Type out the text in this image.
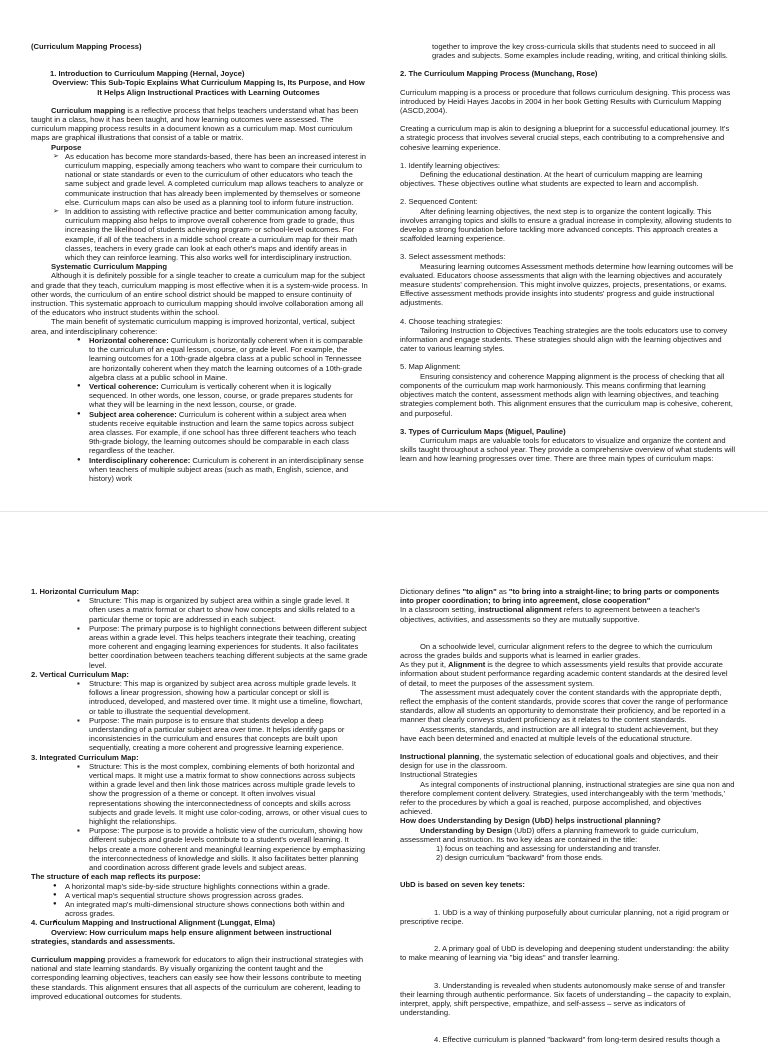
(Curriculum Mapping Process)

1. Introduction to Curriculum Mapping (Hernal, Joyce)

Overview: This Sub-Topic Explains What Curriculum Mapping Is, Its Purpose, and How It Helps Align Instructional Practices with Learning Outcomes

Curriculum mapping is a reflective process that helps teachers understand what has been taught in a class, how it has been taught, and how learning outcomes were assessed. The curriculum mapping process results in a document known as a curriculum map. Most curriculum maps are graphical illustrations that consist of a table or matrix.

Purpose

➢ As education has become more standards-based, there has been an increased interest in curriculum mapping, especially among teachers who want to compare their curriculum to national or state standards or even to the curriculum of other educators who teach the same subject and grade level. A completed curriculum map allows teachers to analyze or communicate instruction that has already been implemented by themselves or someone else. Curriculum maps can also be used as a planning tool to inform future instruction.
➢ In addition to assisting with reflective practice and better communication among faculty, curriculum mapping also helps to improve overall coherence from grade to grade, thus increasing the likelihood of students achieving program- or school-level outcomes. For example, if all of the teachers in a middle school create a curriculum map for their math classes, teachers in every grade can look at each other's maps and identify areas in which they can reinforce learning. This also works well for interdisciplinary instruction.

Systematic Curriculum Mapping

Although it is definitely possible for a single teacher to create a curriculum map for the subject and grade that they teach, curriculum mapping is most effective when it is a system-wide process. In other words, the curriculum of an entire school district should be mapped to ensure continuity of instruction. This systematic approach to curriculum mapping should involve collaboration among all of the educators who instruct students within the school.

The main benefit of systematic curriculum mapping is improved horizontal, vertical, subject area, and interdisciplinary coherence:

● Horizontal coherence: Curriculum is horizontally coherent when it is comparable to the curriculum of an equal lesson, course, or grade level. For example, the learning outcomes for a 10th-grade algebra class at a public school in Tennessee are horizontally coherent when they match the learning outcomes of a 10th-grade algebra class at a public school in Maine.
● Vertical coherence: Curriculum is vertically coherent when it is logically sequenced. In other words, one lesson, course, or grade prepares students for what they will be learning in the next lesson, course, or grade.
● Subject area coherence: Curriculum is coherent within a subject area when students receive equitable instruction and learn the same topics across subject area classes. For example, if one school has three different teachers who teach 9th-grade biology, the learning outcomes should be comparable in each class regardless of the teacher.
● Interdisciplinary coherence: Curriculum is coherent in an interdisciplinary sense when teachers of multiple subject areas (such as math, English, science, and history) work

together to improve the key cross-curricula skills that students need to succeed in all grades and subjects. Some examples include reading, writing, and critical thinking skills.

2. The Curriculum Mapping Process (Munchang, Rose)

Curriculum mapping is a process or procedure that follows curriculum designing. This process was introduced by Heidi Hayes Jacobs in 2004 in her book Getting Results with Curriculum Mapping (ASCD,2004).

Creating a curriculum map is akin to designing a blueprint for a successful educational journey. It's a strategic process that involves several crucial steps, each contributing to a comprehensive and cohesive learning experience.

1. Identify learning objectives:

Defining the educational destination. At the heart of curriculum mapping are learning objectives. These objectives outline what students are expected to learn and accomplish.

2. Sequenced Content:

After defining learning objectives, the next step is to organize the content logically. This involves arranging topics and skills to ensure a gradual increase in complexity, allowing students to develop a strong foundation before tackling more advanced concepts. This approach creates a scaffolded learning experience.

3. Select assessment methods:

Measuring learning outcomes Assessment methods determine how learning outcomes will be evaluated. Educators choose assessments that align with the learning objectives and accurately measure students' comprehension. This might involve quizzes, projects, presentations, or exams. Effective assessment methods provide insights into students' progress and guide instructional adjustments.

4. Choose teaching strategies:

Tailoring Instruction to Objectives Teaching strategies are the tools educators use to convey information and engage students. These strategies should align with the learning objectives and cater to various learning styles.

5. Map Alignment:

Ensuring consistency and coherence Mapping alignment is the process of checking that all components of the curriculum map work harmoniously. This means confirming that learning objectives match the content, assessment methods align with learning objectives, and teaching strategies complement both. This alignment ensures that the curriculum map is cohesive, coherent, and purposeful.

3. Types of Curriculum Maps (Miguel, Pauline)

Curriculum maps are valuable tools for educators to visualize and organize the content and skills taught throughout a school year. They provide a comprehensive overview of what students will learn and how learning progresses over time. There are three main types of curriculum maps:

1. Horizontal Curriculum Map:

▪ Structure: This map is organized by subject area within a single grade level. It often uses a matrix format or chart to show how concepts and skills related to a particular theme or topic are addressed in each subject.
▪ Purpose: The primary purpose is to highlight connections between different subject areas within a grade level. This helps teachers integrate their teaching, creating more coherent and engaging learning experiences for students. It also facilitates better coordination between teachers teaching different subjects at the same grade level.

2. Vertical Curriculum Map:

▪ Structure: This map is organized by subject area across multiple grade levels. It follows a linear progression, showing how a particular concept or skill is introduced, developed, and mastered over time. It might use a timeline, flowchart, or table to illustrate the sequential development.
▪ Purpose: The main purpose is to ensure that students develop a deep understanding of a particular subject area over time. It helps identify gaps or inconsistencies in the curriculum and ensures that concepts are built upon sequentially, creating a more coherent and progressive learning experience.

3. Integrated Curriculum Map:

▪ Structure: This is the most complex, combining elements of both horizontal and vertical maps. It might use a matrix format to show connections across subjects within a grade level and then link those matrices across multiple grade levels to show the progression of a theme or concept. It often involves visual representations showing the interconnectedness of concepts and skills across subjects and grade levels. It might use color-coding, arrows, or other visual cues to highlight the relationships.
▪ Purpose: The purpose is to provide a holistic view of the curriculum, showing how different subjects and grade levels contribute to a student's overall learning. It helps create a more coherent and meaningful learning experience by emphasizing the interconnectedness of knowledge and skills. It also facilitates better planning and coordination across different grade levels and subject areas.

The structure of each map reflects its purpose:

● A horizontal map's side-by-side structure highlights connections within a grade.
● A vertical map's sequential structure shows progression across grades.
● An integrated map's multi-dimensional structure shows connections both within and across grades.

4. Curriculum Mapping and Instructional Alignment (Lunggat, Elma)

Overview: How curriculum maps help ensure alignment between instructional strategies, standards and assessments.

Curriculum mapping provides a framework for educators to align their instructional strategies with national and state learning standards. By visually organizing the content taught and the corresponding learning objectives, teachers can easily see how their lessons contribute to meeting these standards. This alignment ensures that all aspects of the curriculum are coherent, leading to improved educational outcomes for students.

Dictionary defines "to align" as "to bring into a straight-line; to bring parts or components into proper coordination; to bring into agreement, close cooperation"

In a classroom setting, instructional alignment refers to agreement between a teacher's objectives, activities, and assessments so they are mutually supportive.

On a schoolwide level, curricular alignment refers to the degree to which the curriculum across the grades builds and supports what is learned in earlier grades.

As they put it, Alignment is the degree to which assessments yield results that provide accurate information about student performance regarding academic content standards at the desired level of detail, to meet the purposes of the assessment system.

The assessment must adequately cover the content standards with the appropriate depth, reflect the emphasis of the content standards, provide scores that cover the range of performance standards, allow all students an opportunity to demonstrate their proficiency, and be reported in a manner that clearly conveys student proficiency as it relates to the content standards.

Assessments, standards, and instruction are all integral to student achievement, but they have each been determined and enacted at multiple levels of the educational structure.

Instructional planning, the systematic selection of educational goals and objectives, and their design for use in the classroom.

Instructional Strategies

As integral components of instructional planning, instructional strategies are sine qua non and therefore complement content delivery. Strategies, used interchangeably with the term 'methods,' refer to the procedures by which a goal is reached, purpose accomplished, and objectives achieved.

How does Understanding by Design (UbD) helps instructional planning?

Understanding by Design (UbD) offers a planning framework to guide curriculum, assessment and instruction. Its two key ideas are contained in the title:

1) focus on teaching and assessing for understanding and transfer.

2) design curriculum "backward" from those ends.

UbD is based on seven key tenets:

1. UbD is a way of thinking purposefully about curricular planning, not a rigid program or prescriptive recipe.

2. A primary goal of UbD is developing and deepening student understanding: the ability to make meaning of learning via "big ideas" and transfer learning.

3. Understanding is revealed when students autonomously make sense of and transfer their learning through authentic performance. Six facets of understanding – the capacity to explain, interpret, apply, shift perspective, empathize, and self-assess – serve as indicators of understanding.

4. Effective curriculum is planned "backward" from long-term desired results though a
